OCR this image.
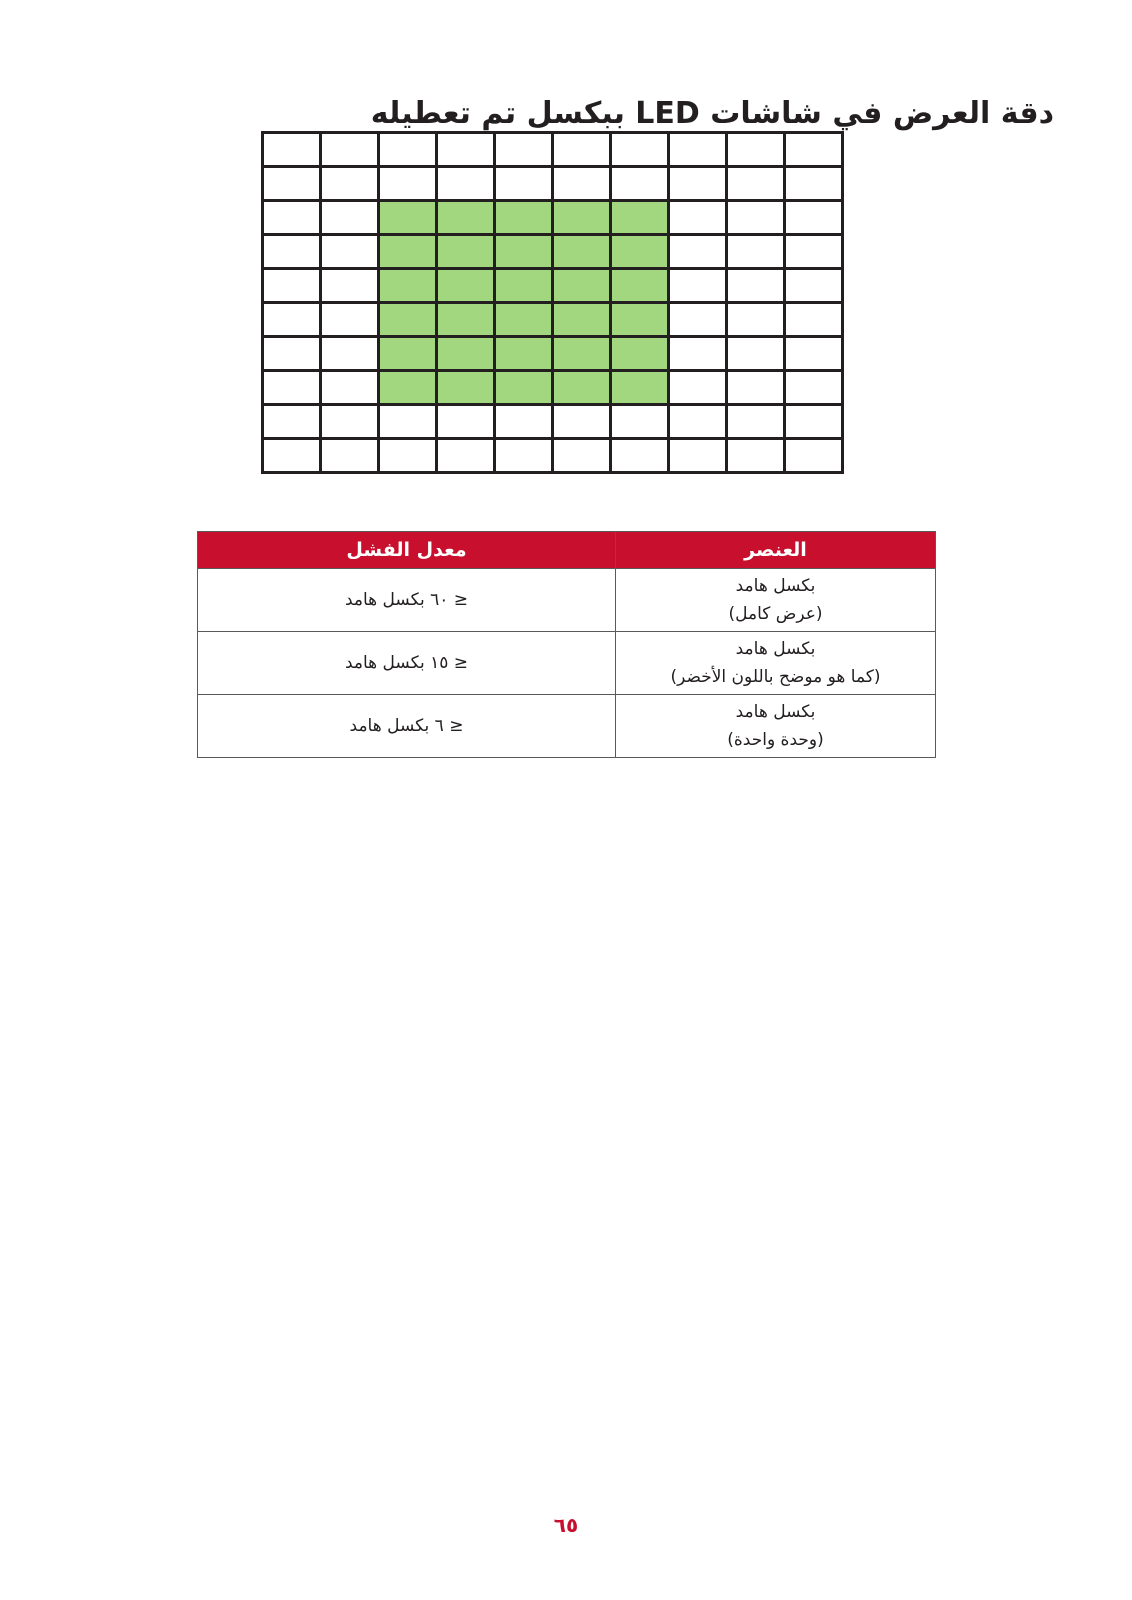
دقة العرض في شاشات LED ببكسل تم تعطيله
العنصر	معدل الفشل

بكسل هامد
(عرض كامل)	≤ ٦٠ بكسل هامد

بكسل هامد
(كما هو موضح باللون الأخضر)	≤ ١٥ بكسل هامد

بكسل هامد
(وحدة واحدة)	≤ ٦ بكسل هامد
٦٥
